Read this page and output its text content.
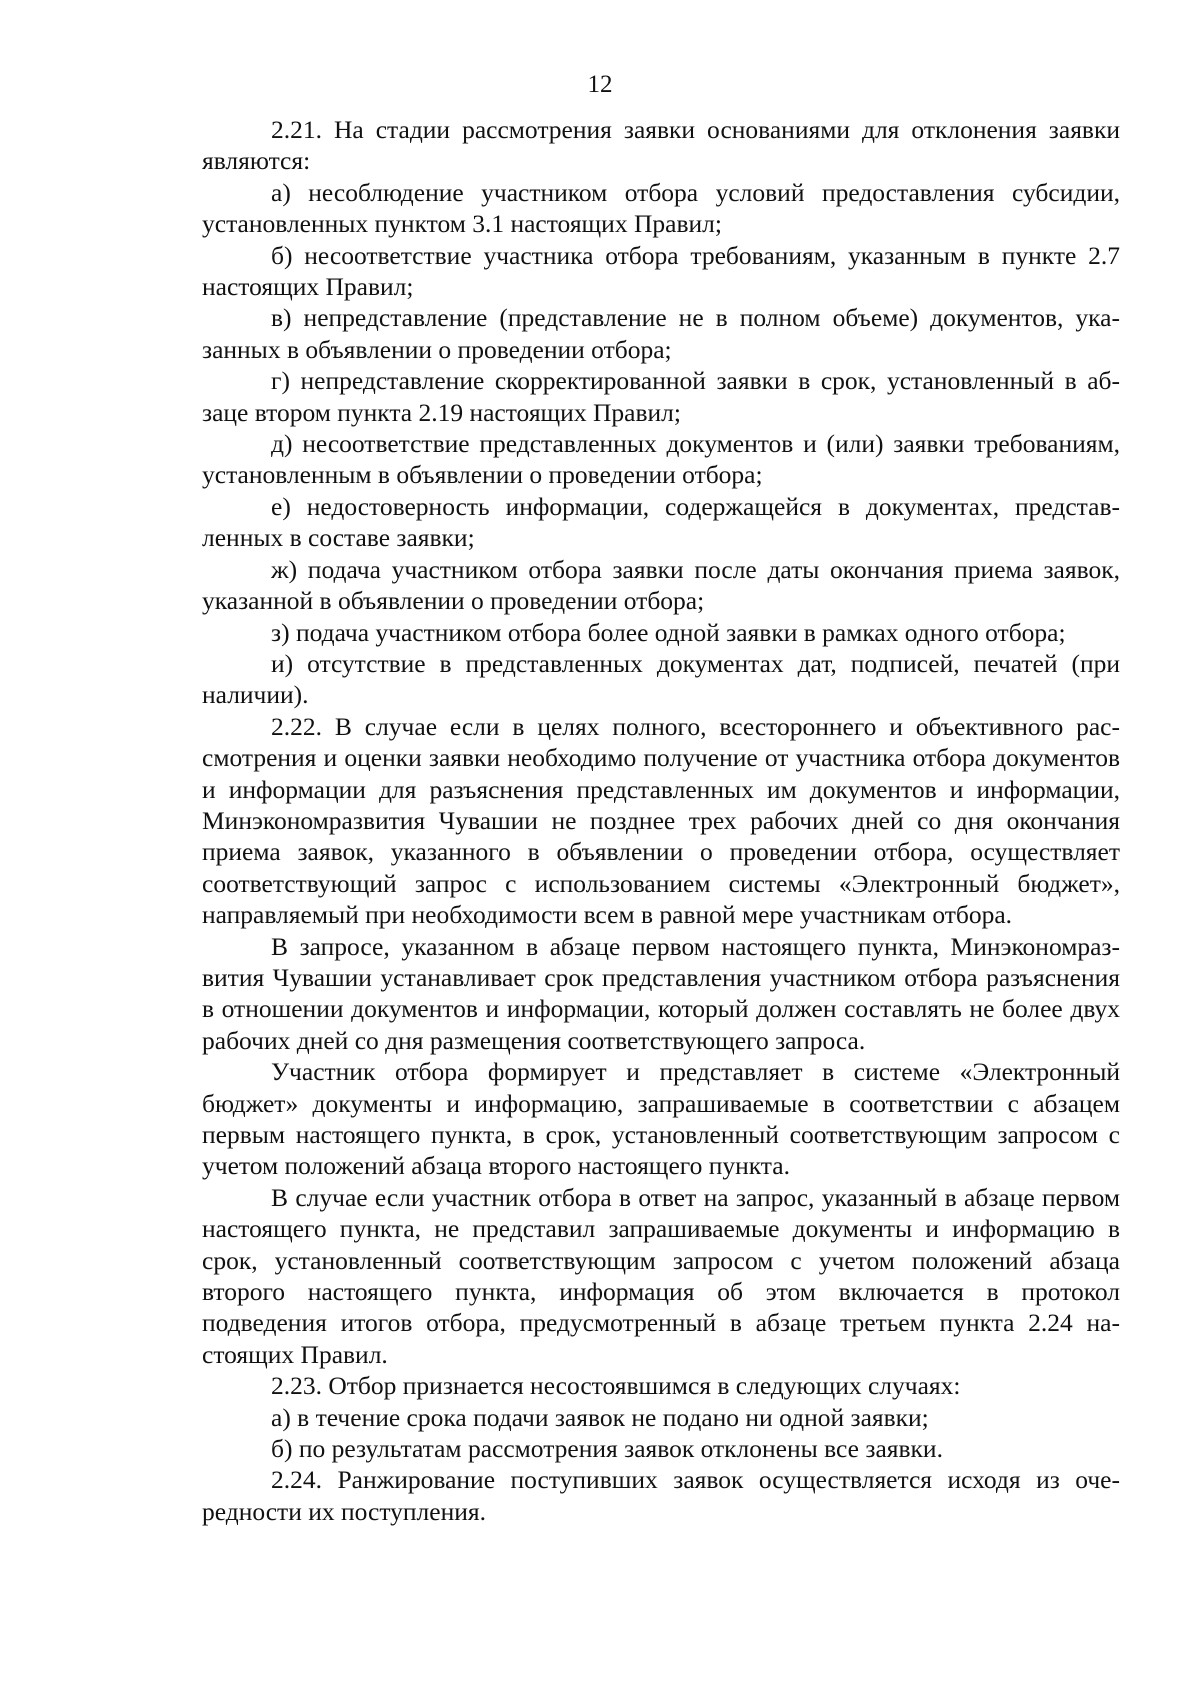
12

2.21. На стадии рассмотрения заявки основаниями для отклонения заявки являются:

а) несоблюдение участником отбора условий предоставления субсидии, установленных пунктом 3.1 настоящих Правил;

б) несоответствие участника отбора требованиям, указанным в пункте 2.7 настоящих Правил;

в) непредставление (представление не в полном объеме) документов, указанных в объявлении о проведении отбора;

г) непредставление скорректированной заявки в срок, установленный в абзаце втором пункта 2.19 настоящих Правил;

д) несоответствие представленных документов и (или) заявки требованиям, установленным в объявлении о проведении отбора;

е) недостоверность информации, содержащейся в документах, представленных в составе заявки;

ж) подача участником отбора заявки после даты окончания приема заявок, указанной в объявлении о проведении отбора;

з) подача участником отбора более одной заявки в рамках одного отбора;

и) отсутствие в представленных документах дат, подписей, печатей (при наличии).

2.22. В случае если в целях полного, всестороннего и объективного рассмотрения и оценки заявки необходимо получение от участника отбора документов и информации для разъяснения представленных им документов и информации, Минэкономразвития Чувашии не позднее трех рабочих дней со дня окончания приема заявок, указанного в объявлении о проведении отбора, осуществляет соответствующий запрос с использованием системы «Электронный бюджет», направляемый при необходимости всем в равной мере участникам отбора.

В запросе, указанном в абзаце первом настоящего пункта, Минэкономразвития Чувашии устанавливает срок представления участником отбора разъяснения в отношении документов и информации, который должен составлять не более двух рабочих дней со дня размещения соответствующего запроса.

Участник отбора формирует и представляет в системе «Электронный бюджет» документы и информацию, запрашиваемые в соответствии с абзацем первым настоящего пункта, в срок, установленный соответствующим запросом с учетом положений абзаца второго настоящего пункта.

В случае если участник отбора в ответ на запрос, указанный в абзаце первом настоящего пункта, не представил запрашиваемые документы и информацию в срок, установленный соответствующим запросом с учетом положений абзаца второго настоящего пункта, информация об этом включается в протокол подведения итогов отбора, предусмотренный в абзаце третьем пункта 2.24 настоящих Правил.

2.23. Отбор признается несостоявшимся в следующих случаях:

а) в течение срока подачи заявок не подано ни одной заявки;

б) по результатам рассмотрения заявок отклонены все заявки.

2.24. Ранжирование поступивших заявок осуществляется исходя из очередности их поступления.
